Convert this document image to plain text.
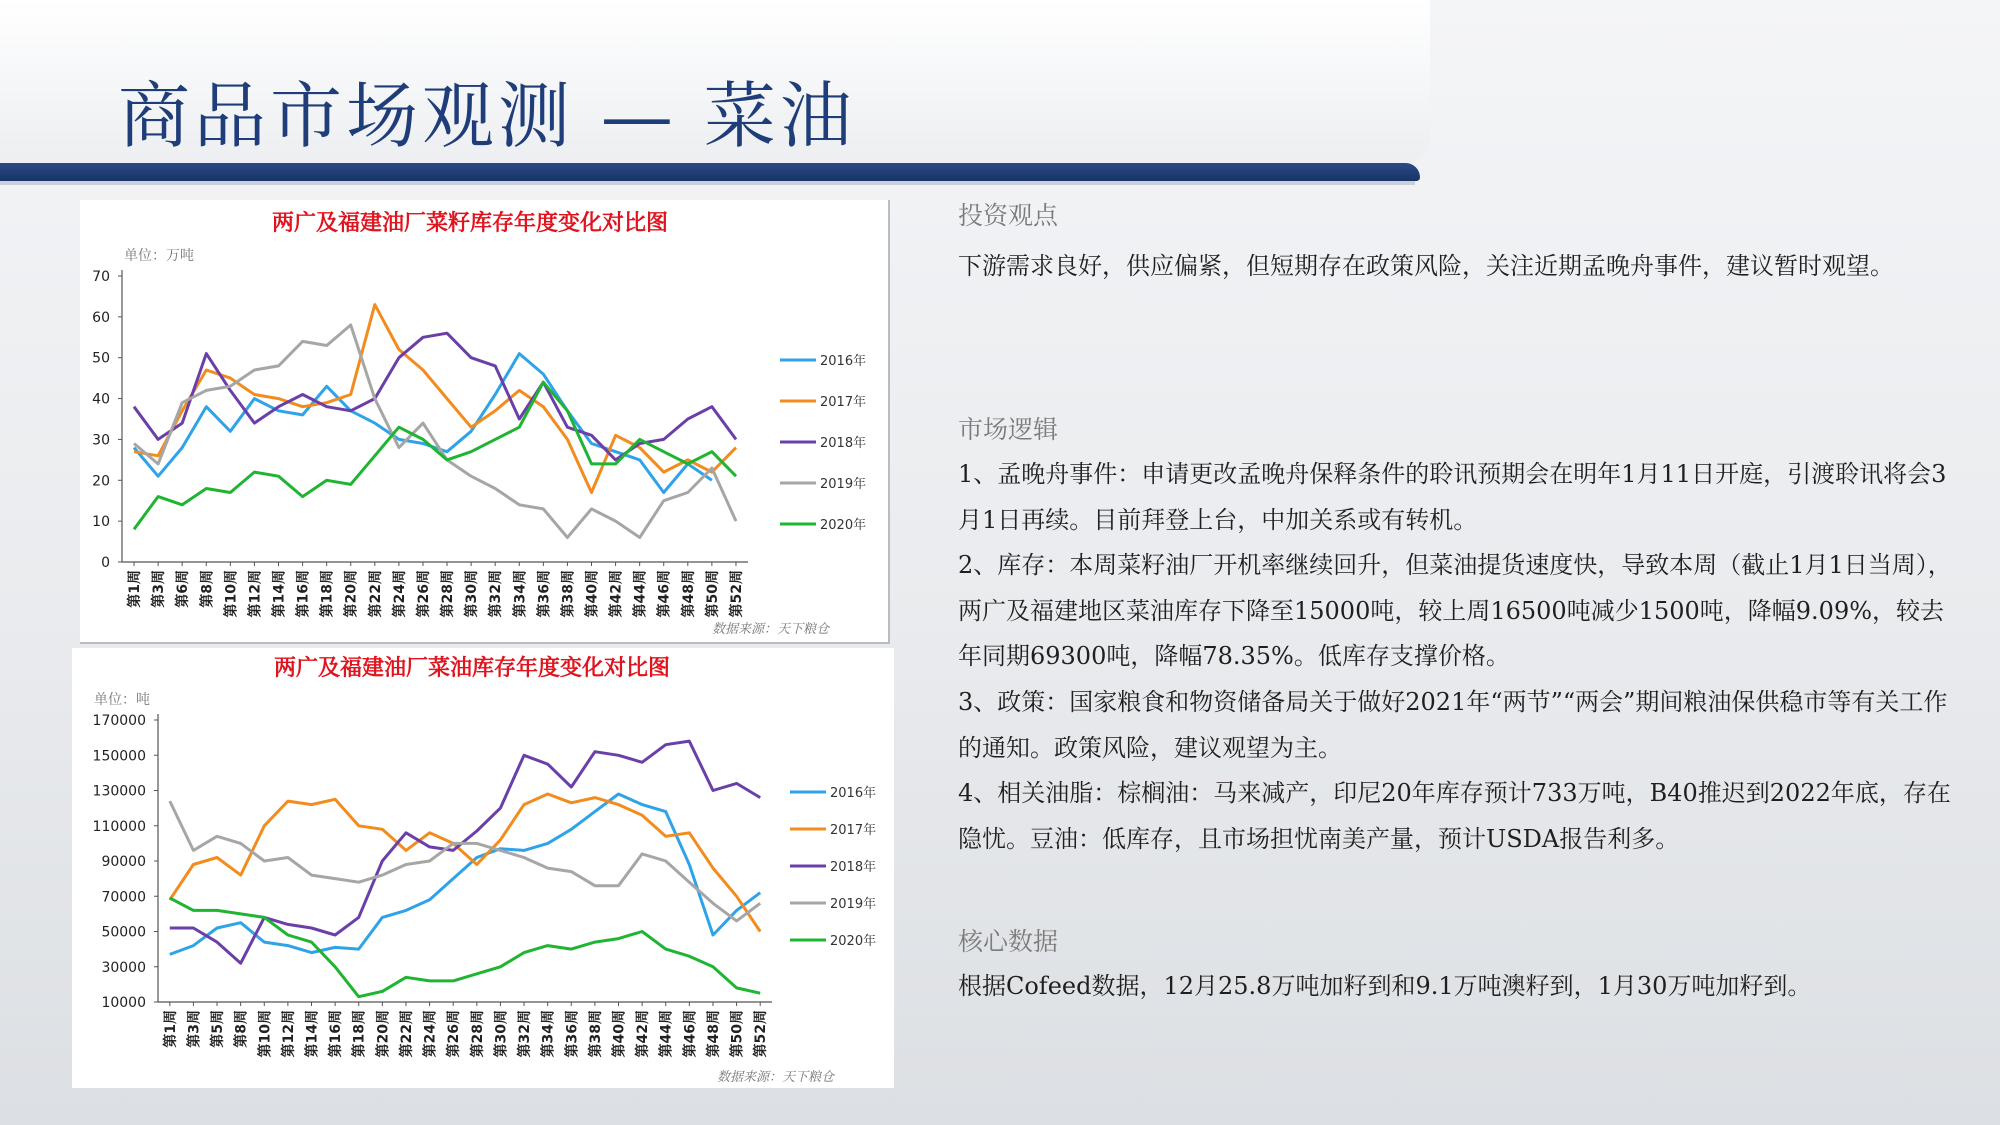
商品市场观测 — 菜油
两广及福建油厂菜籽库存年度变化对比图
单位：万吨
0
10
20
30
40
50
60
70
第1周 第3周 第6周 第8周 第10周 第12周 第14周 第16周 第18周 第20周 第22周 第24周 第26周 第28周 第30周 第32周 第34周 第36周 第38周 第40周 第42周 第44周 第46周 第48周 第50周 第52周
2016年
2017年
2018年
2019年
2020年
数据来源：天下粮仓
两广及福建油厂菜油库存年度变化对比图
单位：吨
10000
30000
50000
70000
90000
110000
130000
150000
170000
第1周 第3周 第5周 第8周 第10周 第12周 第14周 第16周 第18周 第20周 第22周 第24周 第26周 第28周 第30周 第32周 第34周 第36周 第38周 第40周 第42周 第44周 第46周 第48周 第50周 第52周
2016年
2017年
2018年
2019年
2020年
数据来源：天下粮仓
投资观点

下游需求良好，供应偏紧，但短期存在政策风险，关注近期孟晚舟事件，建议暂时观望。

市场逻辑

1、孟晚舟事件：申请更改孟晚舟保释条件的聆讯预期会在明年1月11日开庭，引渡聆讯将会3月1日再续。目前拜登上台，中加关系或有转机。

2、库存：本周菜籽油厂开机率继续回升，但菜油提货速度快，导致本周（截止1月1日当周），两广及福建地区菜油库存下降至15000吨，较上周16500吨减少1500吨，降幅9.09%，较去年同期69300吨，降幅78.35%。低库存支撑价格。

3、政策：国家粮食和物资储备局关于做好2021年“两节”“两会”期间粮油保供稳市等有关工作的通知。政策风险，建议观望为主。

4、相关油脂：棕榈油：马来减产，印尼20年库存预计733万吨，B40推迟到2022年底，存在隐忧。豆油：低库存，且市场担忧南美产量，预计USDA报告利多。

核心数据

根据Cofeed数据，12月25.8万吨加籽到和9.1万吨澳籽到，1月30万吨加籽到。
